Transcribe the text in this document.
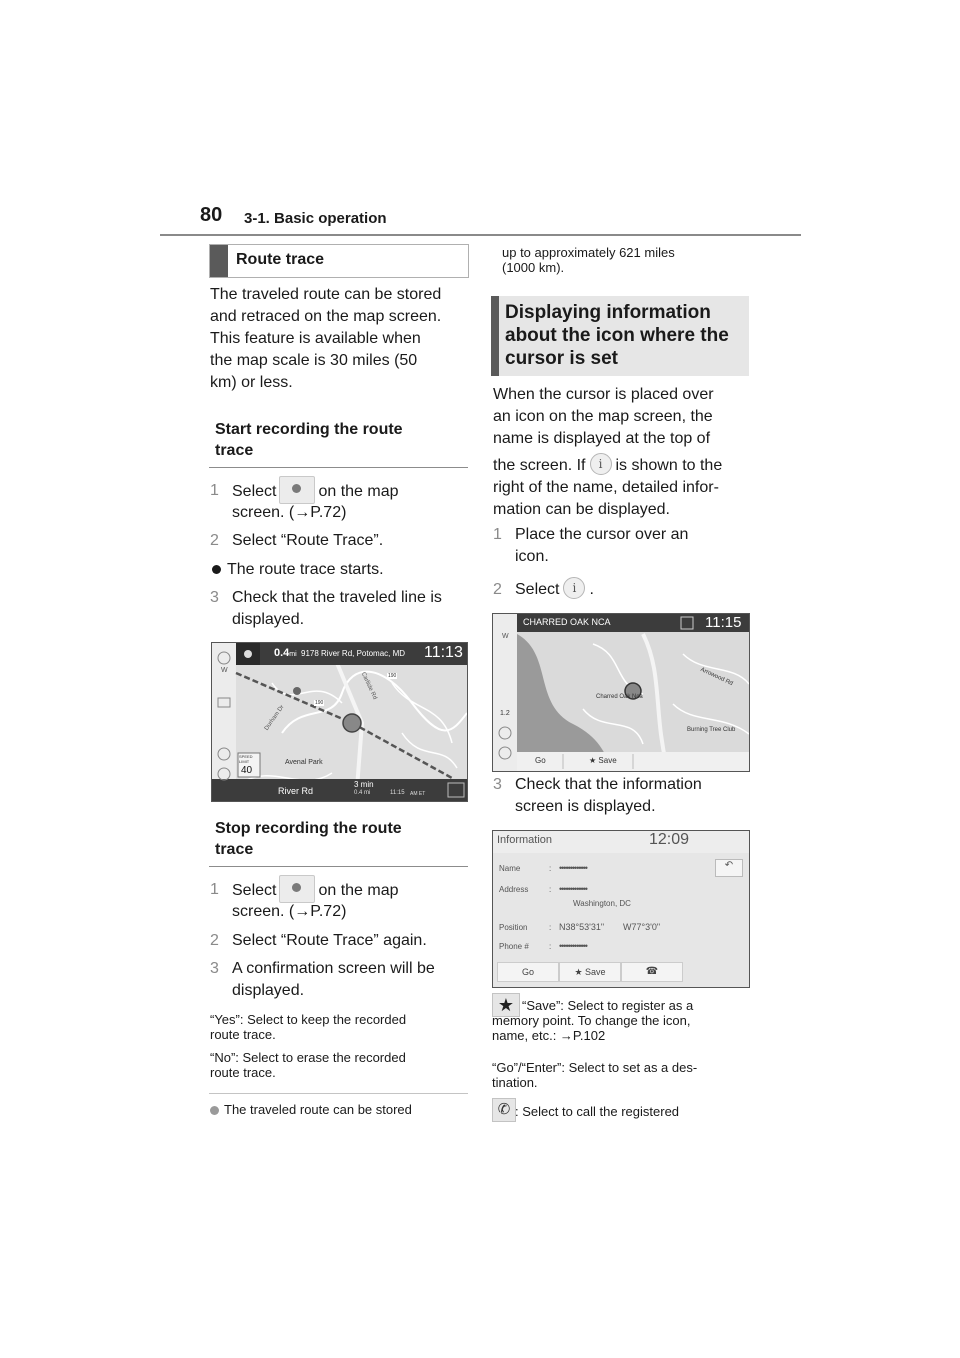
80 3-1. Basic operation
Route trace
The traveled route can be stored
and retraced on the map screen.
This feature is available when
the map scale is 30 miles (50
km) or less.
Start recording the route
trace
1 Select	on the map
screen. (→P.72)
2 Select “Route Trace”.
The route trace starts.
3 Check that the traveled line is
displayed.
0.4mi 9178 River Rd, Potomac, MD 11:13
W
River Rd
3 min
0.4 mi	11:15 AM ET
SPEED LIMIT
40
Avenal Park
Durham Dr
Carlisle Rd
190
190
Stop recording the route
trace
1 Select	on the map
screen. (→P.72)
2 Select “Route Trace” again.
3 A confirmation screen will be
displayed.
“Yes”: Select to keep the recorded
route trace.
“No”: Select to erase the recorded
route trace.
The traveled route can be stored
up to approximately 621 miles
(1000 km).
Displaying information
about the icon where the
cursor is set
When the cursor is placed over
an icon on the map screen, the
name is displayed at the top of
the screen. If i is shown to the
right of the name, detailed infor-
mation can be displayed.
1 Place the cursor over an
icon.
2 Select i .
CHARRED OAK NCA	11:15
W
1.2
Charred Oak Nca
Burning Tree Club
Arrowood Rd
Go	★ Save
3 Check that the information
screen is displayed.
Information	12:09
↶
Name	: •••••••••••••
Address	: •••••••••••••
Washington, DC
Position	: N38°53'31" W77°3'0"
Phone #	: •••••••••••••
Go	★ Save	☎
★ “Save”: Select to register as a
memory point. To change the icon,
name, etc.: →P.102
“Go”/“Enter”: Select to set as a des-
tination.
✆ : Select to call the registered
